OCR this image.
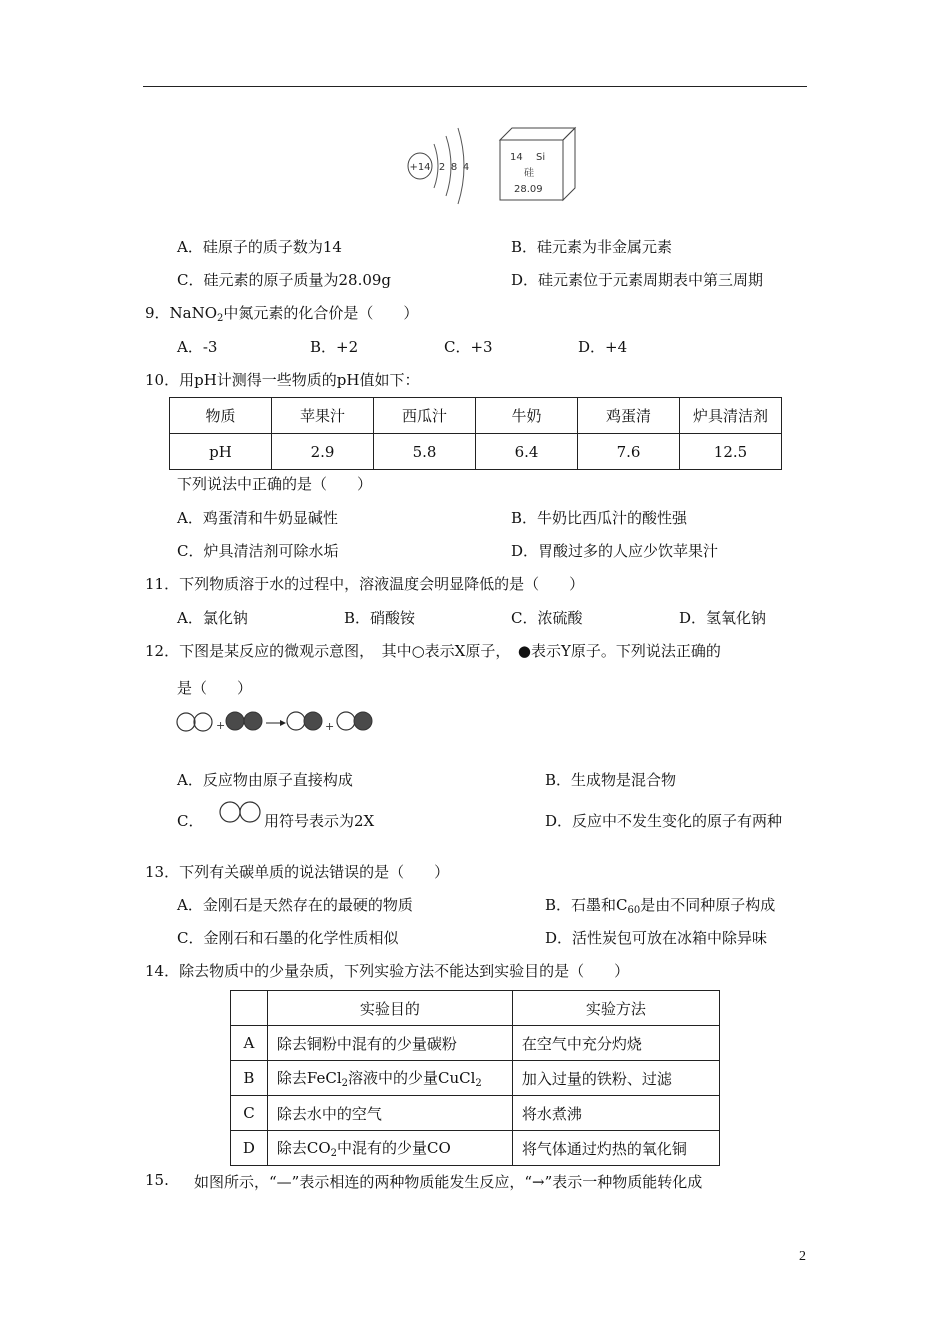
+14 2 8 4
14 Si
硅
28.09
A．硅原子的质子数为14	B．硅元素为非金属元素
C．硅元素的原子质量为28.09g	D．硅元素位于元素周期表中第三周期
9．NaNO$_2$中氮元素的化合价是（　　）
A．-3	B．+2	C．+3	D．+4
10．用pH计测得一些物质的pH值如下：
物质	苹果汁	西瓜汁	牛奶	鸡蛋清	炉具清洁剂
pH	2.9	5.8	6.4	7.6	12.5
下列说法中正确的是（　　）
A．鸡蛋清和牛奶显碱性	B．牛奶比西瓜汁的酸性强
C．炉具清洁剂可除水垢	D．胃酸过多的人应少饮苹果汁
11．下列物质溶于水的过程中，溶液温度会明显降低的是（　　）
A．氯化钠	B．硝酸铵	C．浓硫酸	D．氢氧化钠
12．下图是某反应的微观示意图，　其中○表示X原子，　●表示Y原子。下列说法正确的
是（　　）
+	+
A．反应物由原子直接构成	B．生成物是混合物
C．	用符号表示为2X	D．反应中不发生变化的原子有两种
13．下列有关碳单质的说法错误的是（　　）
A．金刚石是天然存在的最硬的物质	B．石墨和$C_{60}$是由不同种原子构成
C．金刚石和石墨的化学性质相似	D．活性炭包可放在冰箱中除异味
14．除去物质中的少量杂质，下列实验方法不能达到实验目的是（　　）
	实验目的	实验方法
A	除去铜粉中混有的少量碳粉	在空气中充分灼烧
B	除去FeCl$_2$溶液中的少量CuCl$_2$	加入过量的铁粉、过滤
C	除去水中的空气	将水煮沸
D	除去$CO_2$中混有的少量CO	将气体通过灼热的氧化铜
15. 如图所示，“—”表示相连的两种物质能发生反应，“→”表示一种物质能转化成
2
